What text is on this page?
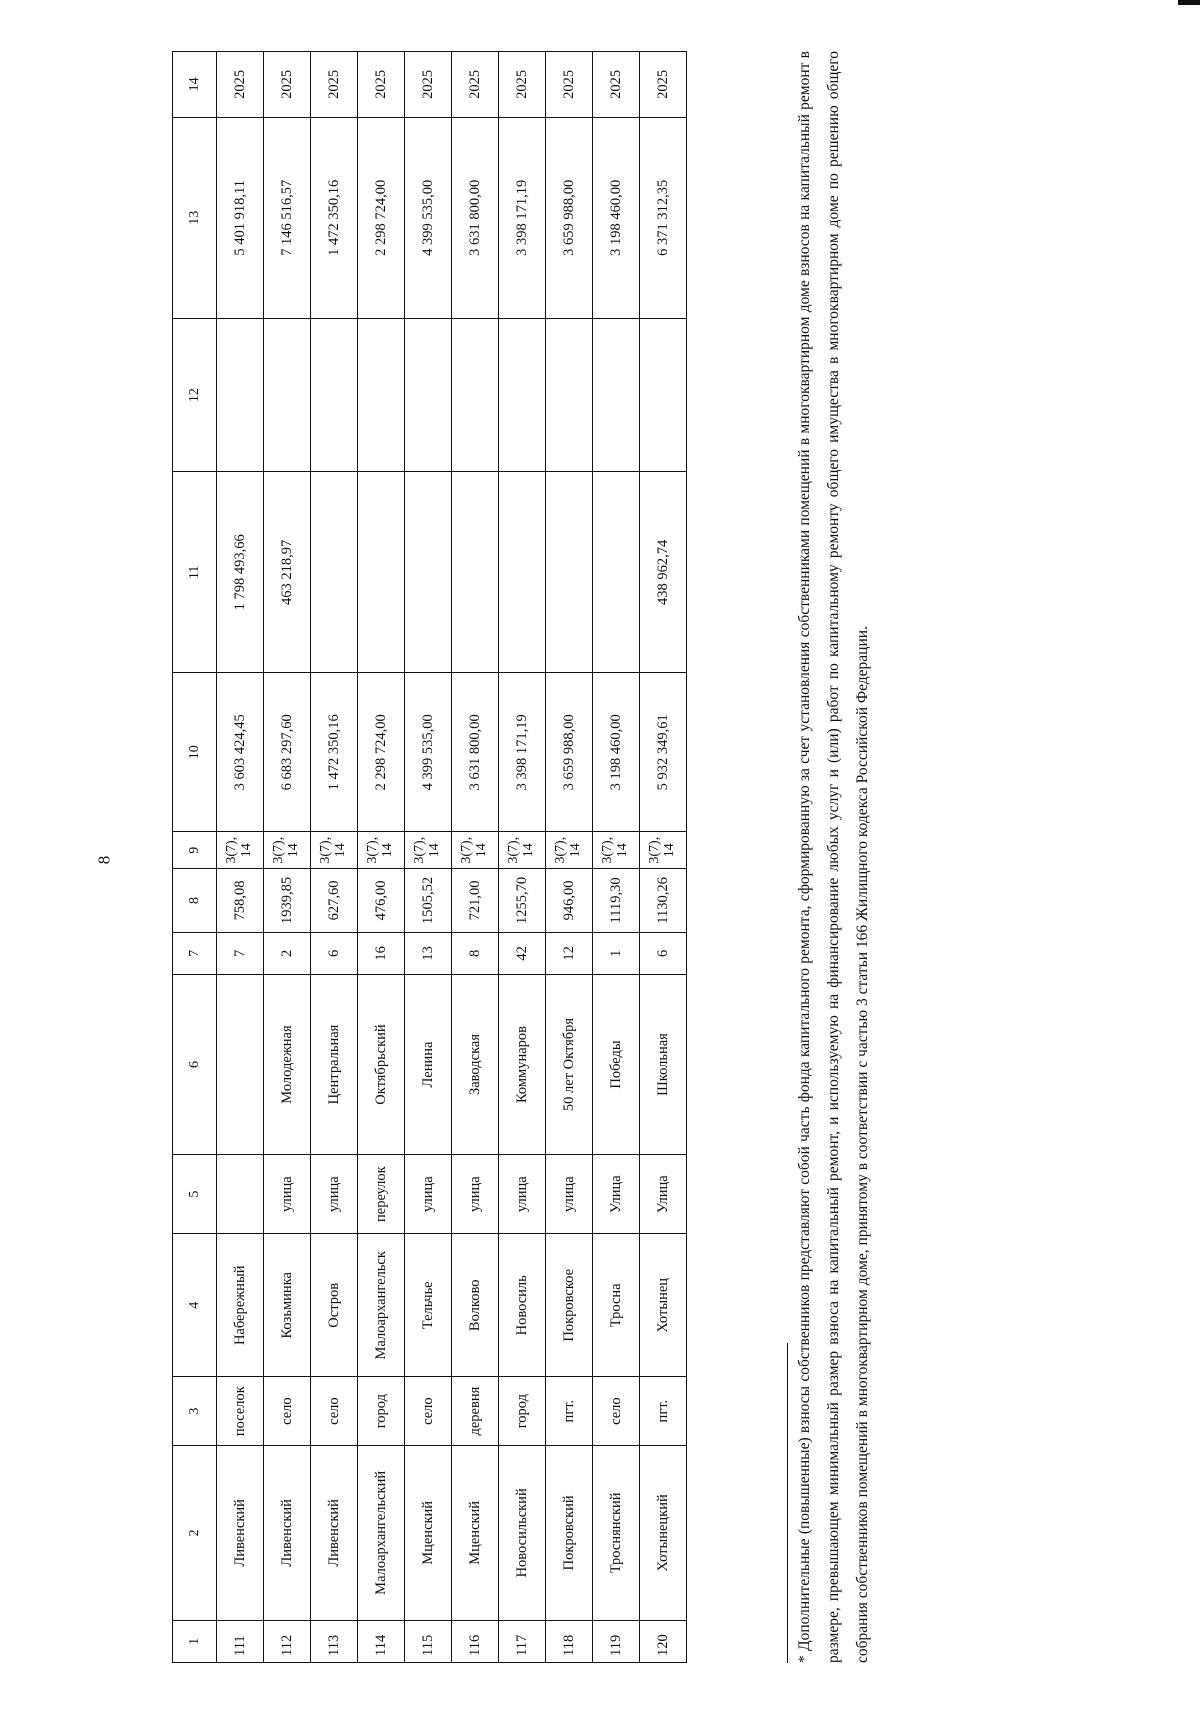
8
1	2	3	4	5	6	7	8	9	10	11	12	13	14
111	Ливенский	поселок	Набережный			7	758,08	3(7), 14	3 603 424,45	1 798 493,66		5 401 918,11	2025
112	Ливенский	село	Козьминка	улица	Молодежная	2	1939,85	3(7), 14	6 683 297,60	463 218,97		7 146 516,57	2025
113	Ливенский	село	Остров	улица	Центральная	6	627,60	3(7), 14	1 472 350,16			1 472 350,16	2025
114	Малоархангельский	город	Малоархангельск	переулок	Октябрьский	16	476,00	3(7), 14	2 298 724,00			2 298 724,00	2025
115	Мценский	село	Тельчье	улица	Ленина	13	1505,52	3(7), 14	4 399 535,00			4 399 535,00	2025
116	Мценский	деревня	Волково	улица	Заводская	8	721,00	3(7), 14	3 631 800,00			3 631 800,00	2025
117	Новосильский	город	Новосиль	улица	Коммунаров	42	1255,70	3(7), 14	3 398 171,19			3 398 171,19	2025
118	Покровский	пгт.	Покровское	улица	50 лет Октября	12	946,00	3(7), 14	3 659 988,00			3 659 988,00	2025
119	Троснянский	село	Тросна	Улица	Победы	1	1119,30	3(7), 14	3 198 460,00			3 198 460,00	2025
120	Хотынецкий	пгт.	Хотынец	Улица	Школьная	6	1130,26	3(7), 14	5 932 349,61	438 962,74		6 371 312,35	2025	* Дополнительные (повышенные) взносы собственников представляют собой часть фонда капитального ремонта, сформированную за счет установления собственниками помещений в многоквартирном доме взносов на капитальный ремонт в размере, превышающем минимальный размер взноса на капитальный ремонт, и используемую на финансирование любых услуг и (или) работ по капитальному ремонту общего имущества в многоквартирном доме по решению общего собрания собственников помещений в многоквартирном доме, принятому в соответствии с частью 3 статьи 166 Жилищного кодекса Российской Федерации.
